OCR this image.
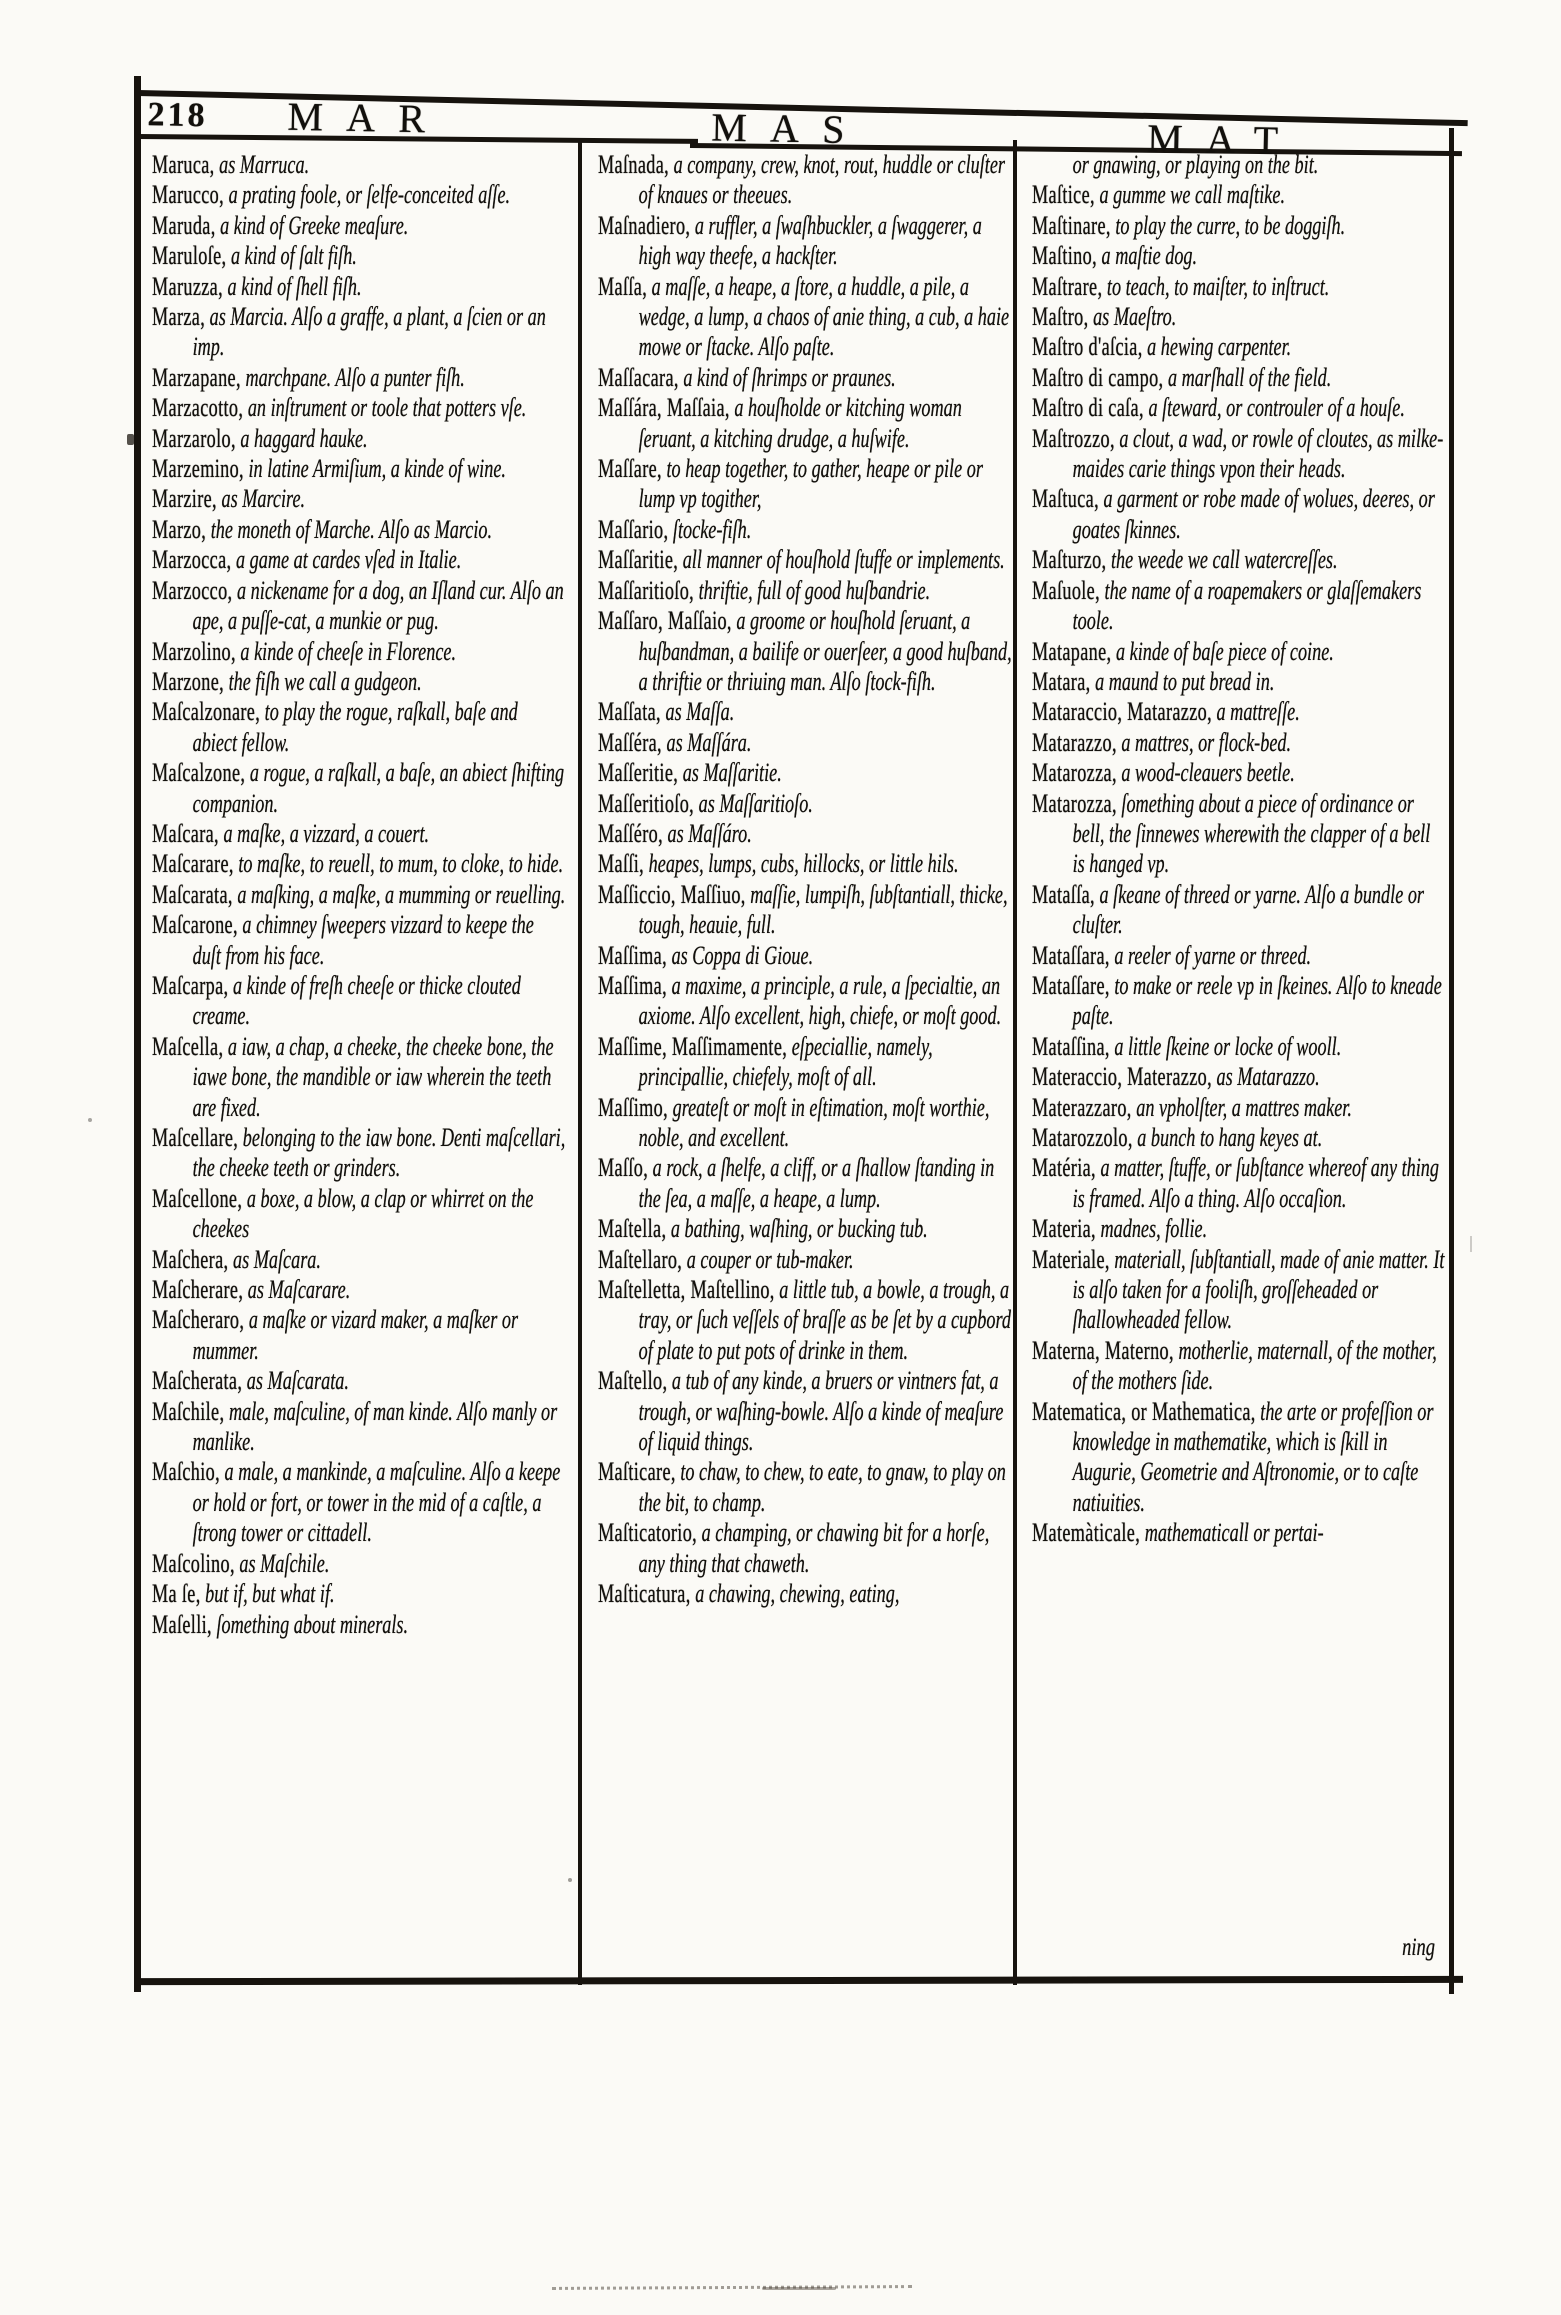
218 MAR	MAS	MAT

Maruca, as Marruca.

Marucco, a prating foole, or ſelfe-conceited aſſe.

Maruda, a kind of Greeke meaſure.

Maruloſe, a kind of ſalt fiſh.

Maruzza, a kind of ſhell fiſh.

Marza, as Marcia. Alſo a graffe, a plant, a ſcien or an imp.

Marzapane, marchpane. Alſo a punter fiſh.

Marzacotto, an inſtrument or toole that potters vſe.

Marzarolo, a haggard hauke.

Marzemino, in latine Armiſium, a kinde of wine.

Marzire, as Marcire.

Marzo, the moneth of Marche. Alſo as Marcio.

Marzocca, a game at cardes vſed in Italie.

Marzocco, a nickename for a dog, an Iſland cur. Alſo an ape, a puſſe-cat, a munkie or pug.

Marzolino, a kinde of cheeſe in Florence.

Marzone, the fiſh we call a gudgeon.

Maſcalzonare, to play the rogue, raſkall, baſe and abiect fellow.

Maſcalzone, a rogue, a raſkall, a baſe, an abiect ſhifting companion.

Maſcara, a maſke, a vizzard, a couert.

Maſcarare, to maſke, to reuell, to mum, to cloke, to hide.

Maſcarata, a maſking, a maſke, a mumming or reuelling.

Maſcarone, a chimney ſweepers vizzard to keepe the duſt from his face.

Maſcarpa, a kinde of freſh cheeſe or thicke clouted creame.

Maſcella, a iaw, a chap, a cheeke, the cheeke bone, the iawe bone, the mandible or iaw wherein the teeth are fixed.

Maſcellare, belonging to the iaw bone. Denti maſcellari, the cheeke teeth or grinders.

Maſcellone, a boxe, a blow, a clap or whirret on the cheekes

Maſchera, as Maſcara.

Maſcherare, as Maſcarare.

Maſcheraro, a maſke or vizard maker, a maſker or mummer.

Maſcherata, as Maſcarata.

Maſchile, male, maſculine, of man kinde. Alſo manly or manlike.

Maſchio, a male, a mankinde, a maſculine. Alſo a keepe or hold or fort, or tower in the mid of a caſtle, a ſtrong tower or cittadell.

Maſcolino, as Maſchile.

Ma ſe, but if, but what if.

Maſelli, ſomething about minerals.

Maſnada, a company, crew, knot, rout, huddle or cluſter of knaues or theeues.

Maſnadiero, a ruffler, a ſwaſhbuckler, a ſwaggerer, a high way theefe, a hackſter.

Maſſa, a maſſe, a heape, a ſtore, a huddle, a pile, a wedge, a lump, a chaos of anie thing, a cub, a haie mowe or ſtacke. Alſo paſte.

Maſſacara, a kind of ſhrimps or praunes.

Maſſára, Maſſaia, a houſholde or kitching woman ſeruant, a kitching drudge, a huſwife.

Maſſare, to heap together, to gather, heape or pile or lump vp togither,

Maſſario, ſtocke-fiſh.

Maſſaritie, all manner of houſhold ſtuffe or implements.

Maſſaritioſo, thriftie, full of good huſbandrie.

Maſſaro, Maſſaio, a groome or houſhold ſeruant, a huſbandman, a bailife or ouerſeer, a good huſband, a thriftie or thriuing man. Alſo ſtock-fiſh.

Maſſata, as Maſſa.

Maſſéra, as Maſſára.

Maſſeritie, as Maſſaritie.

Maſſeritioſo, as Maſſaritioſo.

Maſſéro, as Maſſáro.

Maſſi, heapes, lumps, cubs, hillocks, or little hils.

Maſſiccio, Maſſiuo, maſſie, lumpiſh, ſubſtantiall, thicke, tough, heauie, full.

Maſſima, as Coppa di Gioue.

Maſſima, a maxime, a principle, a rule, a ſpecialtie, an axiome. Alſo excellent, high, chiefe, or moſt good.

Maſſime, Maſſimamente, eſpeciallie, namely, principallie, chiefely, moſt of all.

Maſſimo, greateſt or moſt in eſtimation, moſt worthie, noble, and excellent.

Maſſo, a rock, a ſhelfe, a cliff, or a ſhallow ſtanding in the ſea, a maſſe, a heape, a lump.

Maſtella, a bathing, waſhing, or bucking tub.

Maſtellaro, a couper or tub-maker.

Maſtelletta, Maſtellino, a little tub, a bowle, a trough, a tray, or ſuch veſſels of braſſe as be ſet by a cupbord of plate to put pots of drinke in them.

Maſtello, a tub of any kinde, a bruers or vintners fat, a trough, or waſhing-bowle. Alſo a kinde of meaſure of liquid things.

Maſticare, to chaw, to chew, to eate, to gnaw, to play on the bit, to champ.

Maſticatorio, a champing, or chawing bit for a horſe, any thing that chaweth.

Maſticatura, a chawing, chewing, eating,

or gnawing, or playing on the bit.

Maſtice, a gumme we call maſtike.

Maſtinare, to play the curre, to be doggiſh.

Maſtino, a maſtie dog.

Maſtrare, to teach, to maiſter, to inſtruct.

Maſtro, as Maeſtro.

Maſtro d'aſcia, a hewing carpenter.

Maſtro di campo, a marſhall of the field.

Maſtro di caſa, a ſteward, or controuler of a houſe.

Maſtrozzo, a clout, a wad, or rowle of cloutes, as milke-maides carie things vpon their heads.

Maſtuca, a garment or robe made of wolues, deeres, or goates ſkinnes.

Maſturzo, the weede we call watercreſſes.

Maſuole, the name of a roapemakers or glaſſemakers toole.

Matapane, a kinde of baſe piece of coine.

Matara, a maund to put bread in.

Mataraccio, Matarazzo, a mattreſſe.

Matarazzo, a mattres, or flock-bed.

Matarozza, a wood-cleauers beetle.

Matarozza, ſomething about a piece of ordinance or bell, the ſinnewes wherewith the clapper of a bell is hanged vp.

Mataſſa, a ſkeane of threed or yarne. Alſo a bundle or cluſter.

Mataſſara, a reeler of yarne or threed.

Mataſſare, to make or reele vp in ſkeines. Alſo to kneade paſte.

Mataſſina, a little ſkeine or locke of wooll.

Materaccio, Materazzo, as Matarazzo.

Materazzaro, an vpholſter, a mattres maker.

Matarozzolo, a bunch to hang keyes at.

Matéria, a matter, ſtuffe, or ſubſtance whereof any thing is framed. Alſo a thing. Alſo occaſion.

Materia, madnes, follie.

Materiale, materiall, ſubſtantiall, made of anie matter. It is alſo taken for a fooliſh, groſſeheaded or ſhallowheaded fellow.

Materna, Materno, motherlie, maternall, of the mother, of the mothers ſide.

Matematica, or Mathematica, the arte or profeſſion or knowledge in mathematike, which is ſkill in Augurie, Geometrie and Aſtronomie, or to caſte natiuities.

Matemàticale, mathematicall or pertai-

ning
